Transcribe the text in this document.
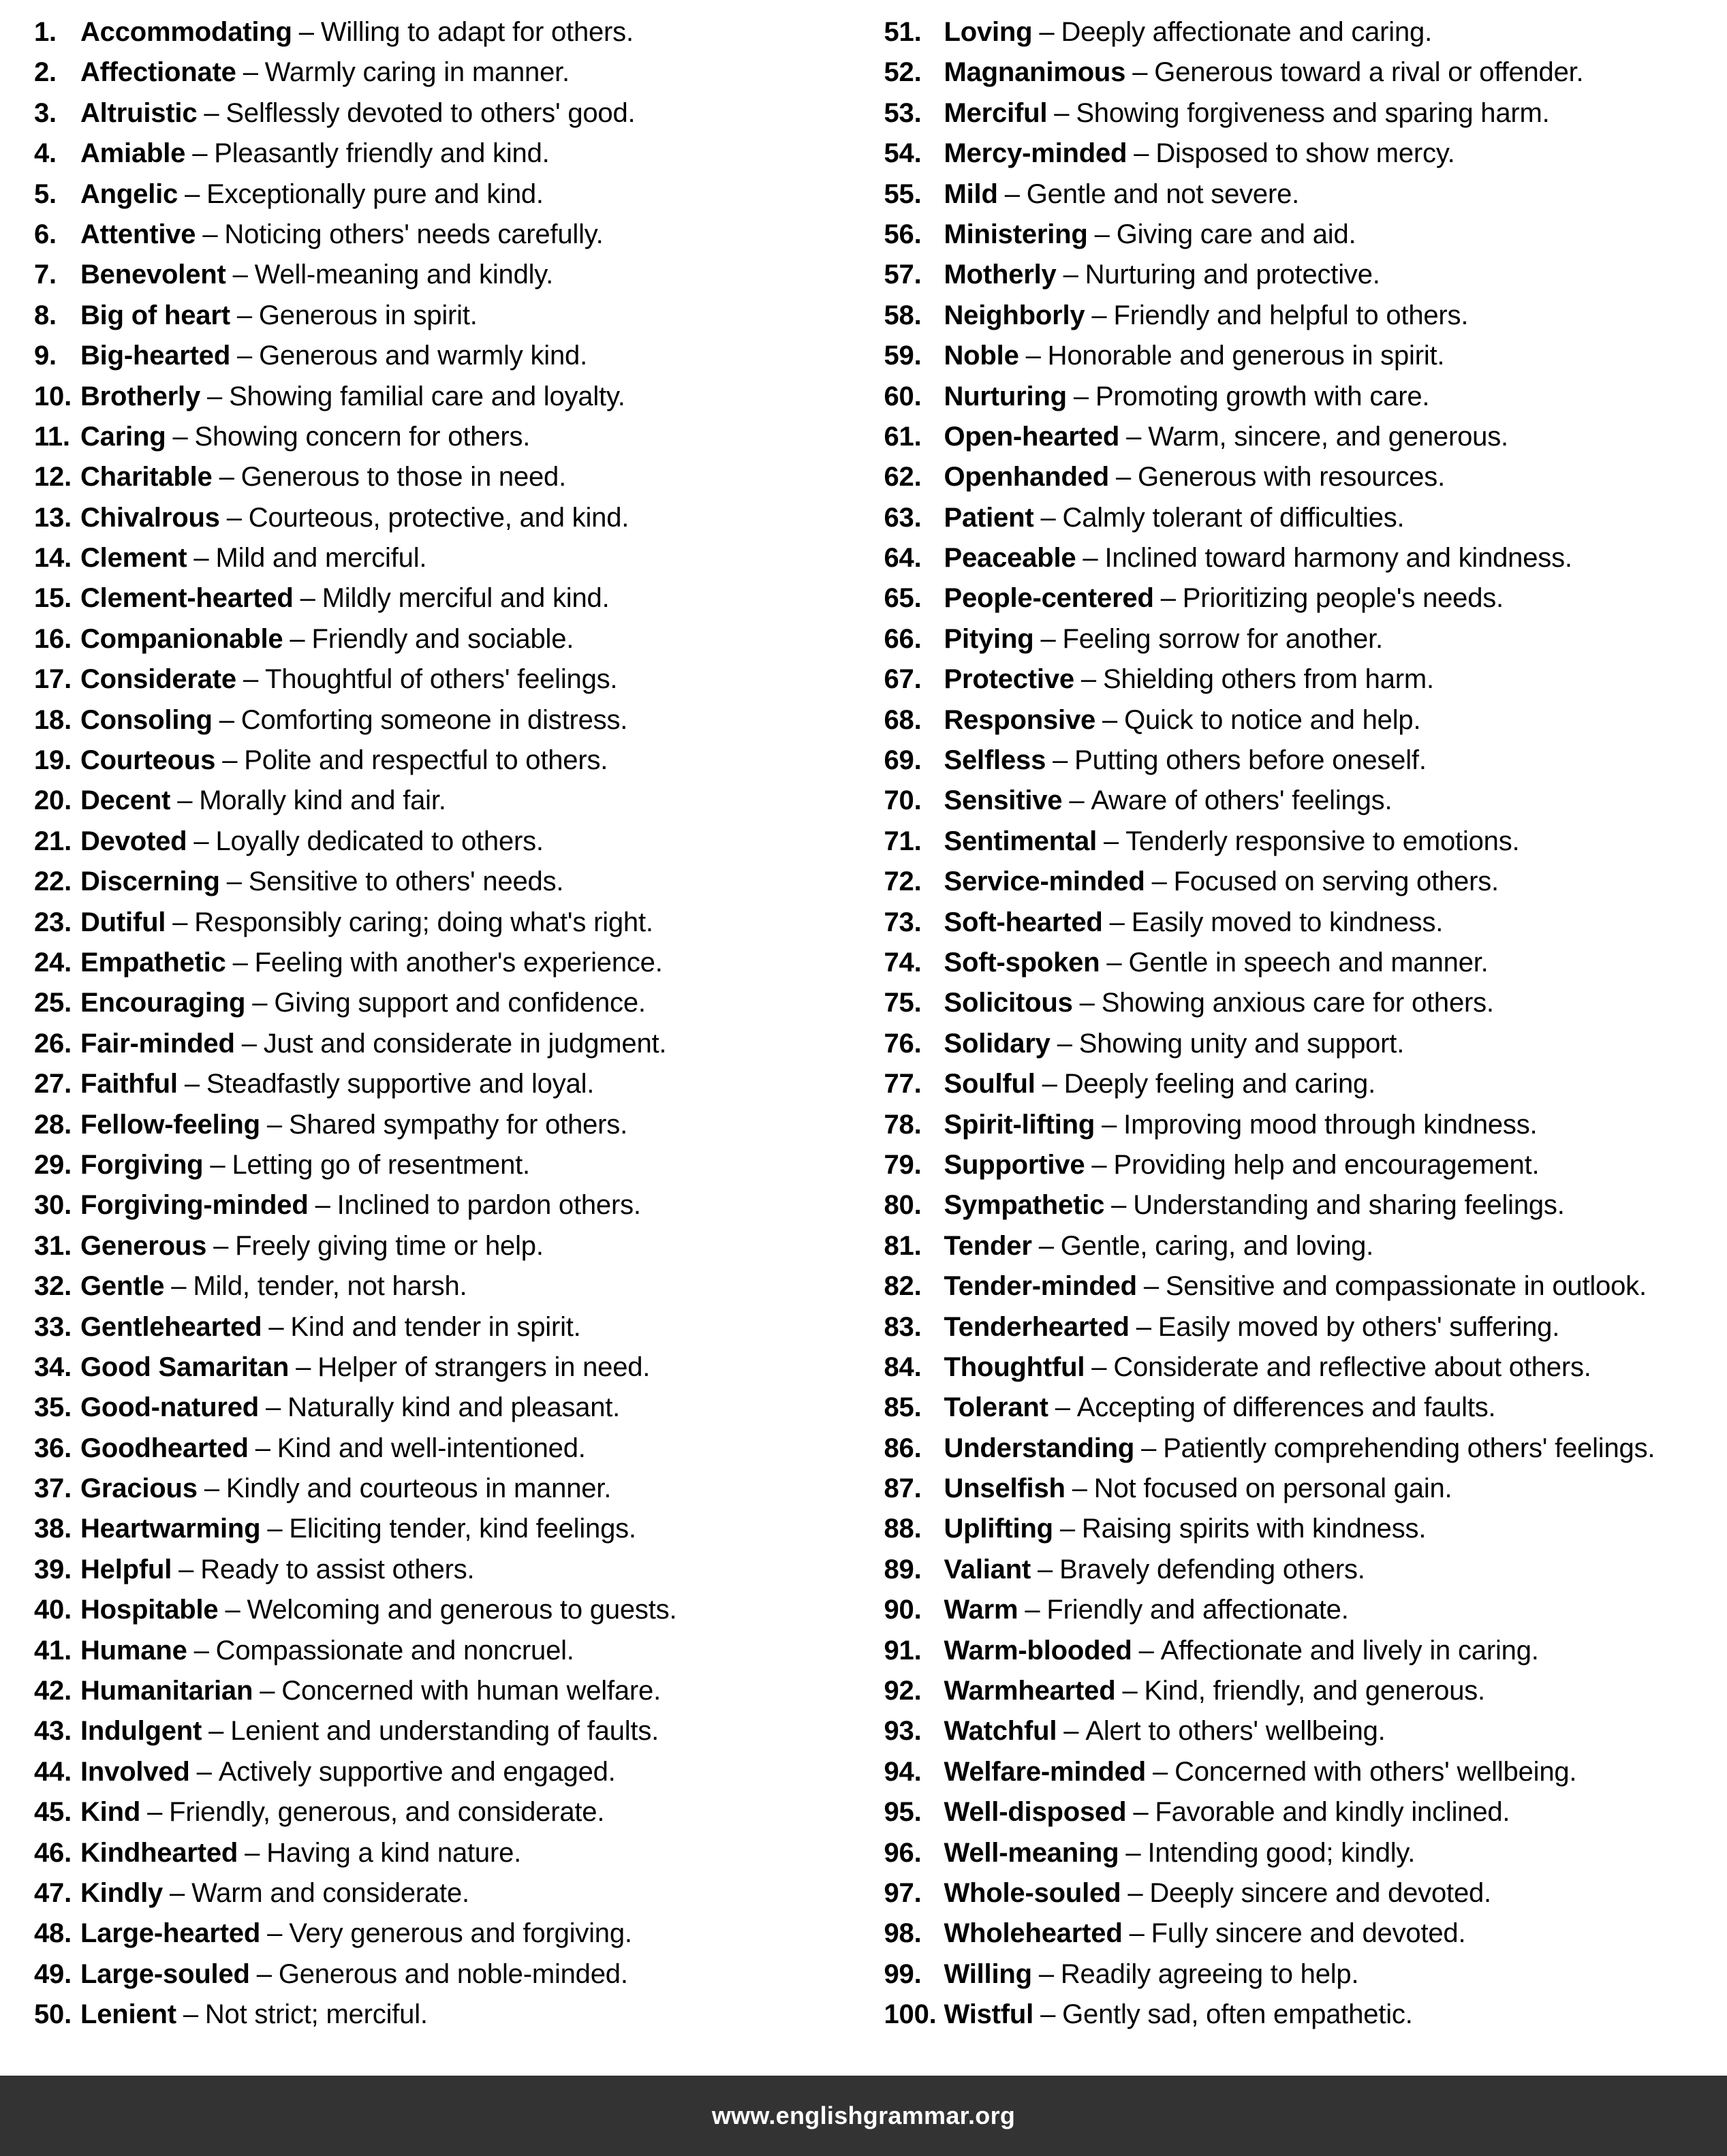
1. Accommodating – Willing to adapt for others.
2. Affectionate – Warmly caring in manner.
3. Altruistic – Selflessly devoted to others' good.
4. Amiable – Pleasantly friendly and kind.
5. Angelic – Exceptionally pure and kind.
6. Attentive – Noticing others' needs carefully.
7. Benevolent – Well-meaning and kindly.
8. Big of heart – Generous in spirit.
9. Big-hearted – Generous and warmly kind.
10. Brotherly – Showing familial care and loyalty.
11. Caring – Showing concern for others.
12. Charitable – Generous to those in need.
13. Chivalrous – Courteous, protective, and kind.
14. Clement – Mild and merciful.
15. Clement-hearted – Mildly merciful and kind.
16. Companionable – Friendly and sociable.
17. Considerate – Thoughtful of others' feelings.
18. Consoling – Comforting someone in distress.
19. Courteous – Polite and respectful to others.
20. Decent – Morally kind and fair.
21. Devoted – Loyally dedicated to others.
22. Discerning – Sensitive to others' needs.
23. Dutiful – Responsibly caring; doing what's right.
24. Empathetic – Feeling with another's experience.
25. Encouraging – Giving support and confidence.
26. Fair-minded – Just and considerate in judgment.
27. Faithful – Steadfastly supportive and loyal.
28. Fellow-feeling – Shared sympathy for others.
29. Forgiving – Letting go of resentment.
30. Forgiving-minded – Inclined to pardon others.
31. Generous – Freely giving time or help.
32. Gentle – Mild, tender, not harsh.
33. Gentlehearted – Kind and tender in spirit.
34. Good Samaritan – Helper of strangers in need.
35. Good-natured – Naturally kind and pleasant.
36. Goodhearted – Kind and well-intentioned.
37. Gracious – Kindly and courteous in manner.
38. Heartwarming – Eliciting tender, kind feelings.
39. Helpful – Ready to assist others.
40. Hospitable – Welcoming and generous to guests.
41. Humane – Compassionate and noncruel.
42. Humanitarian – Concerned with human welfare.
43. Indulgent – Lenient and understanding of faults.
44. Involved – Actively supportive and engaged.
45. Kind – Friendly, generous, and considerate.
46. Kindhearted – Having a kind nature.
47. Kindly – Warm and considerate.
48. Large-hearted – Very generous and forgiving.
49. Large-souled – Generous and noble-minded.
50. Lenient – Not strict; merciful.
51. Loving – Deeply affectionate and caring.
52. Magnanimous – Generous toward a rival or offender.
53. Merciful – Showing forgiveness and sparing harm.
54. Mercy-minded – Disposed to show mercy.
55. Mild – Gentle and not severe.
56. Ministering – Giving care and aid.
57. Motherly – Nurturing and protective.
58. Neighborly – Friendly and helpful to others.
59. Noble – Honorable and generous in spirit.
60. Nurturing – Promoting growth with care.
61. Open-hearted – Warm, sincere, and generous.
62. Openhanded – Generous with resources.
63. Patient – Calmly tolerant of difficulties.
64. Peaceable – Inclined toward harmony and kindness.
65. People-centered – Prioritizing people's needs.
66. Pitying – Feeling sorrow for another.
67. Protective – Shielding others from harm.
68. Responsive – Quick to notice and help.
69. Selfless – Putting others before oneself.
70. Sensitive – Aware of others' feelings.
71. Sentimental – Tenderly responsive to emotions.
72. Service-minded – Focused on serving others.
73. Soft-hearted – Easily moved to kindness.
74. Soft-spoken – Gentle in speech and manner.
75. Solicitous – Showing anxious care for others.
76. Solidary – Showing unity and support.
77. Soulful – Deeply feeling and caring.
78. Spirit-lifting – Improving mood through kindness.
79. Supportive – Providing help and encouragement.
80. Sympathetic – Understanding and sharing feelings.
81. Tender – Gentle, caring, and loving.
82. Tender-minded – Sensitive and compassionate in outlook.
83. Tenderhearted – Easily moved by others' suffering.
84. Thoughtful – Considerate and reflective about others.
85. Tolerant – Accepting of differences and faults.
86. Understanding – Patiently comprehending others' feelings.
87. Unselfish – Not focused on personal gain.
88. Uplifting – Raising spirits with kindness.
89. Valiant – Bravely defending others.
90. Warm – Friendly and affectionate.
91. Warm-blooded – Affectionate and lively in caring.
92. Warmhearted – Kind, friendly, and generous.
93. Watchful – Alert to others' wellbeing.
94. Welfare-minded – Concerned with others' wellbeing.
95. Well-disposed – Favorable and kindly inclined.
96. Well-meaning – Intending good; kindly.
97. Whole-souled – Deeply sincere and devoted.
98. Wholehearted – Fully sincere and devoted.
99. Willing – Readily agreeing to help.
100. Wistful – Gently sad, often empathetic.
www.englishgrammar.org
